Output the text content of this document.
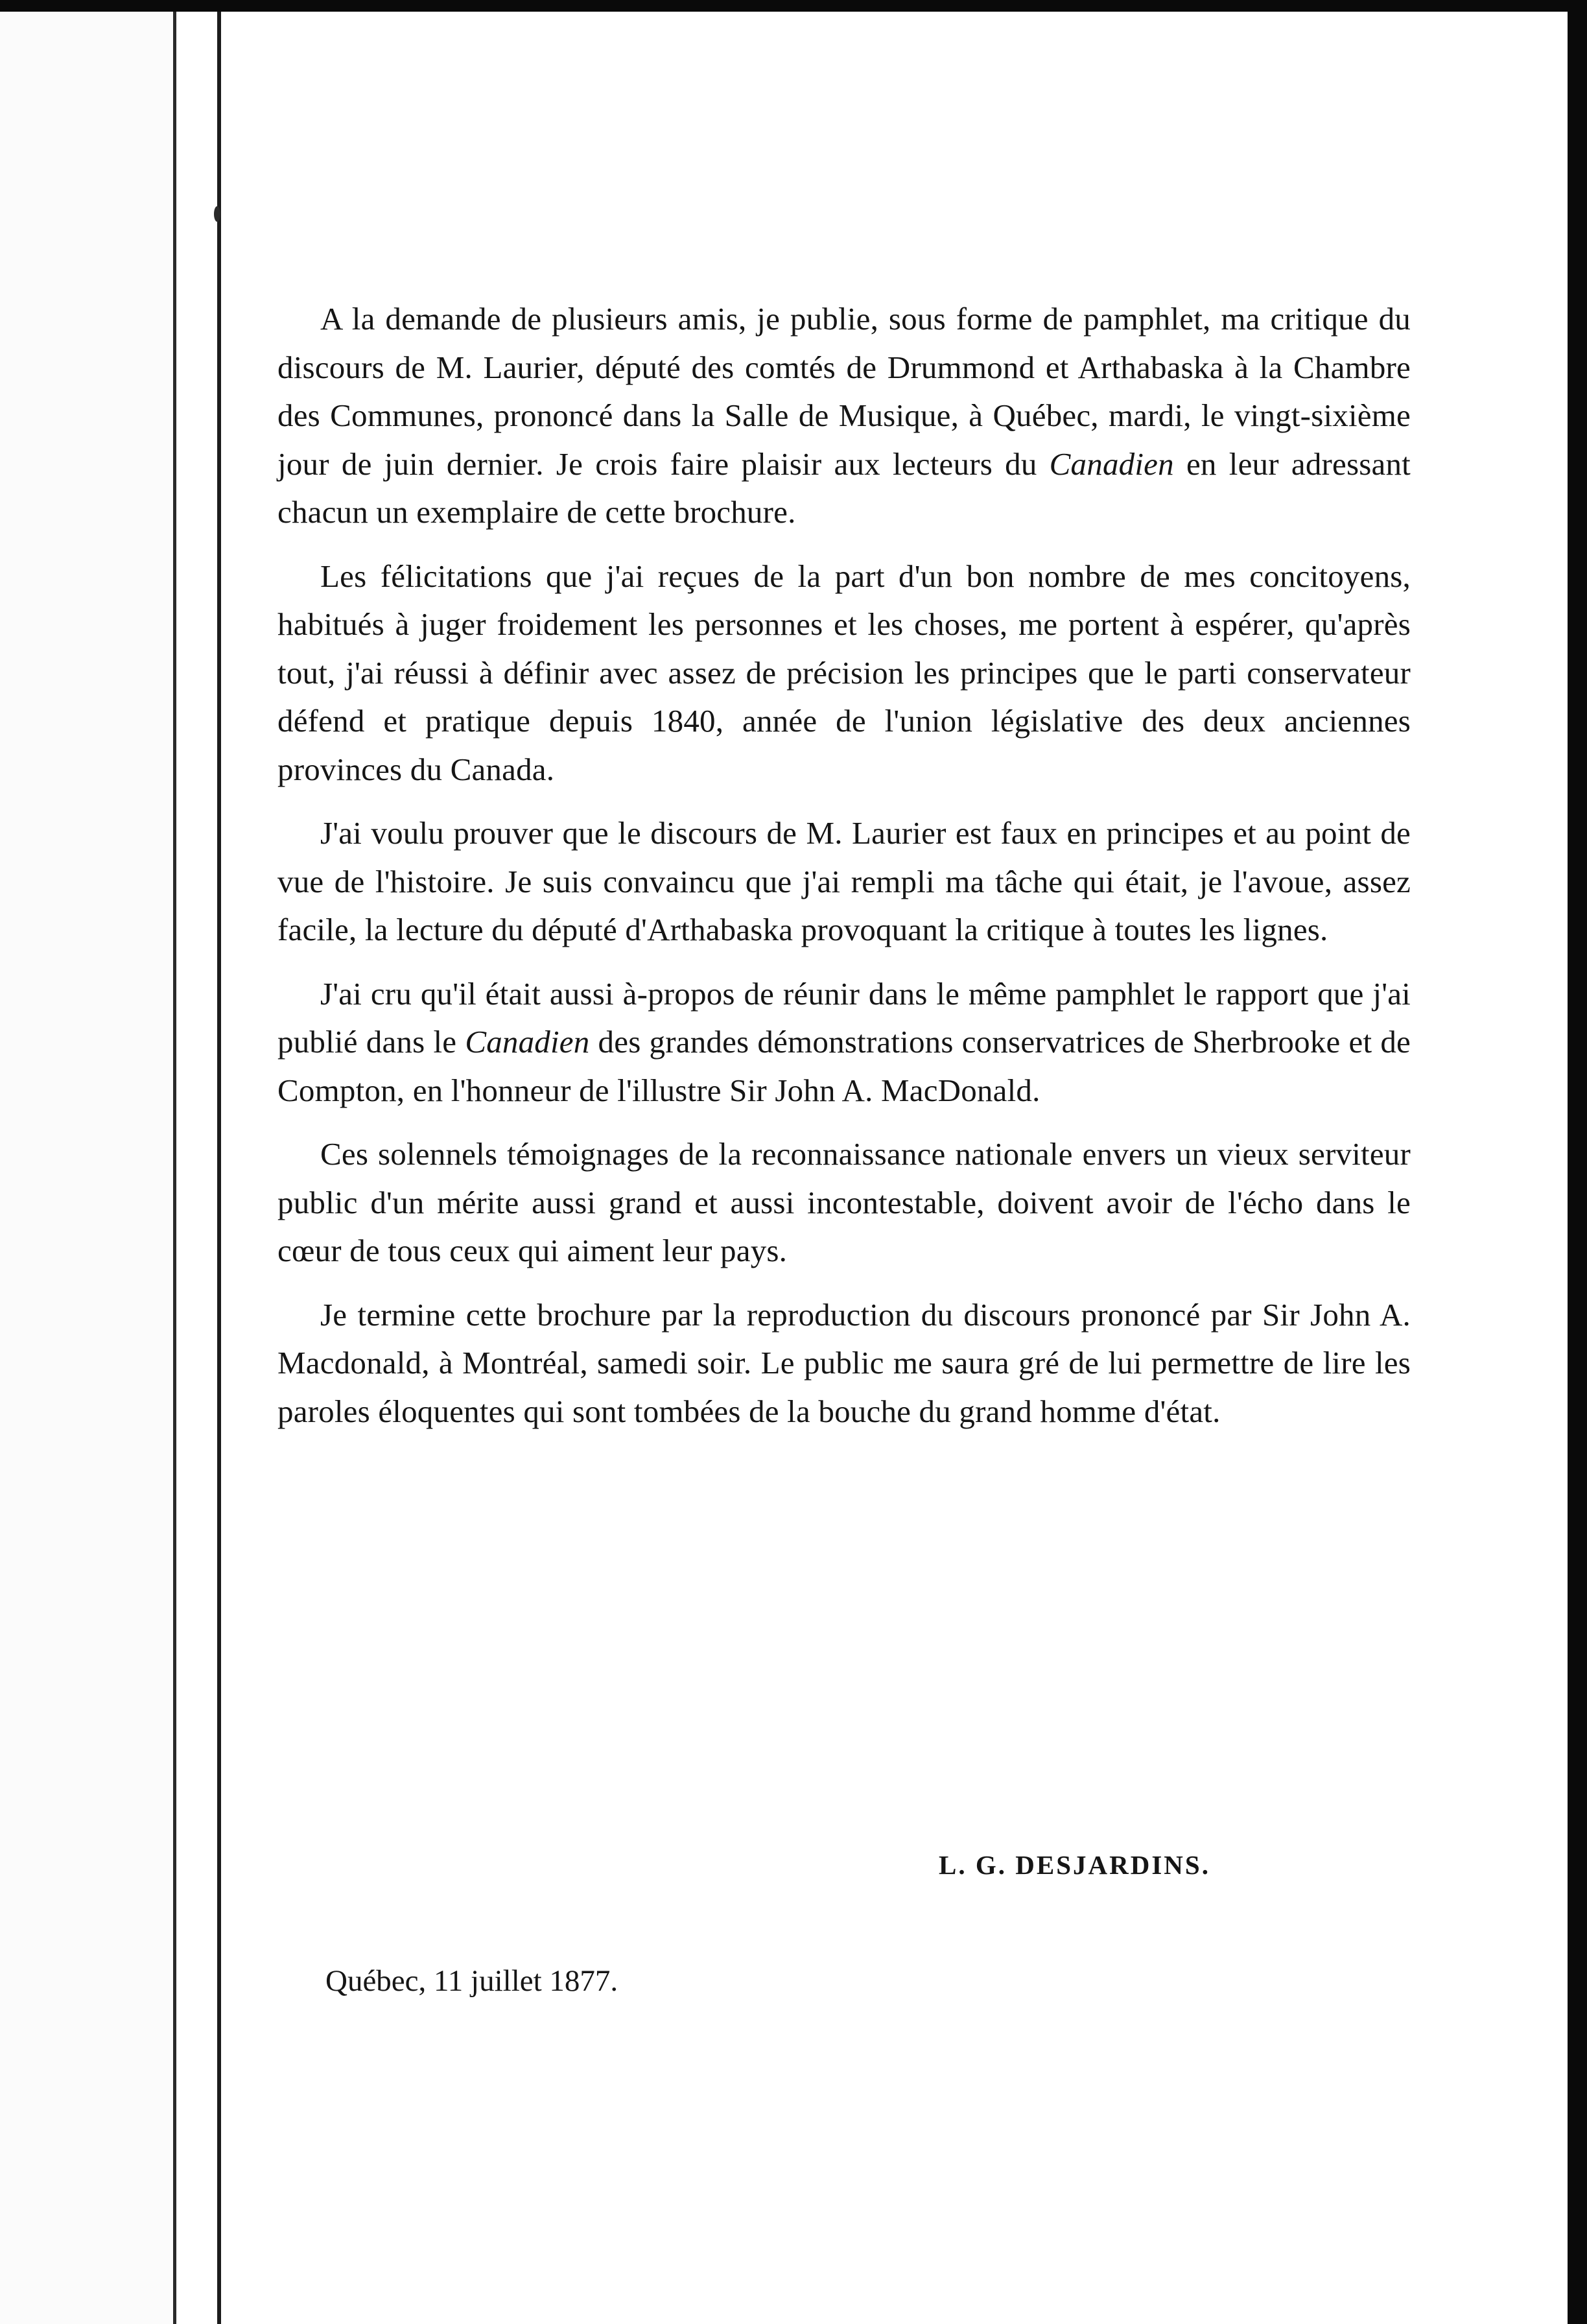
A la demande de plusieurs amis, je publie, sous forme de pamphlet, ma critique du discours de M. Laurier, député des comtés de Drummond et Arthabaska à la Chambre des Communes, prononcé dans la Salle de Musique, à Québec, mardi, le vingt-sixième jour de juin dernier. Je crois faire plaisir aux lecteurs du Canadien en leur adressant chacun un exemplaire de cette brochure.

Les félicitations que j'ai reçues de la part d'un bon nombre de mes concitoyens, habitués à juger froidement les personnes et les choses, me portent à espérer, qu'après tout, j'ai réussi à définir avec assez de précision les principes que le parti conservateur défend et pratique depuis 1840, année de l'union législative des deux anciennes provinces du Canada.

J'ai voulu prouver que le discours de M. Laurier est faux en principes et au point de vue de l'histoire. Je suis convaincu que j'ai rempli ma tâche qui était, je l'avoue, assez facile, la lecture du député d'Arthabaska provoquant la critique à toutes les lignes.

J'ai cru qu'il était aussi à-propos de réunir dans le même pamphlet le rapport que j'ai publié dans le Canadien des grandes démonstrations conservatrices de Sherbrooke et de Compton, en l'honneur de l'illustre Sir John A. MacDonald.

Ces solennels témoignages de la reconnaissance nationale envers un vieux serviteur public d'un mérite aussi grand et aussi incontestable, doivent avoir de l'écho dans le cœur de tous ceux qui aiment leur pays.

Je termine cette brochure par la reproduction du discours prononcé par Sir John A. Macdonald, à Montréal, samedi soir. Le public me saura gré de lui permettre de lire les paroles éloquentes qui sont tombées de la bouche du grand homme d'état.

L. G. DESJARDINS.
Québec, 11 juillet 1877.
